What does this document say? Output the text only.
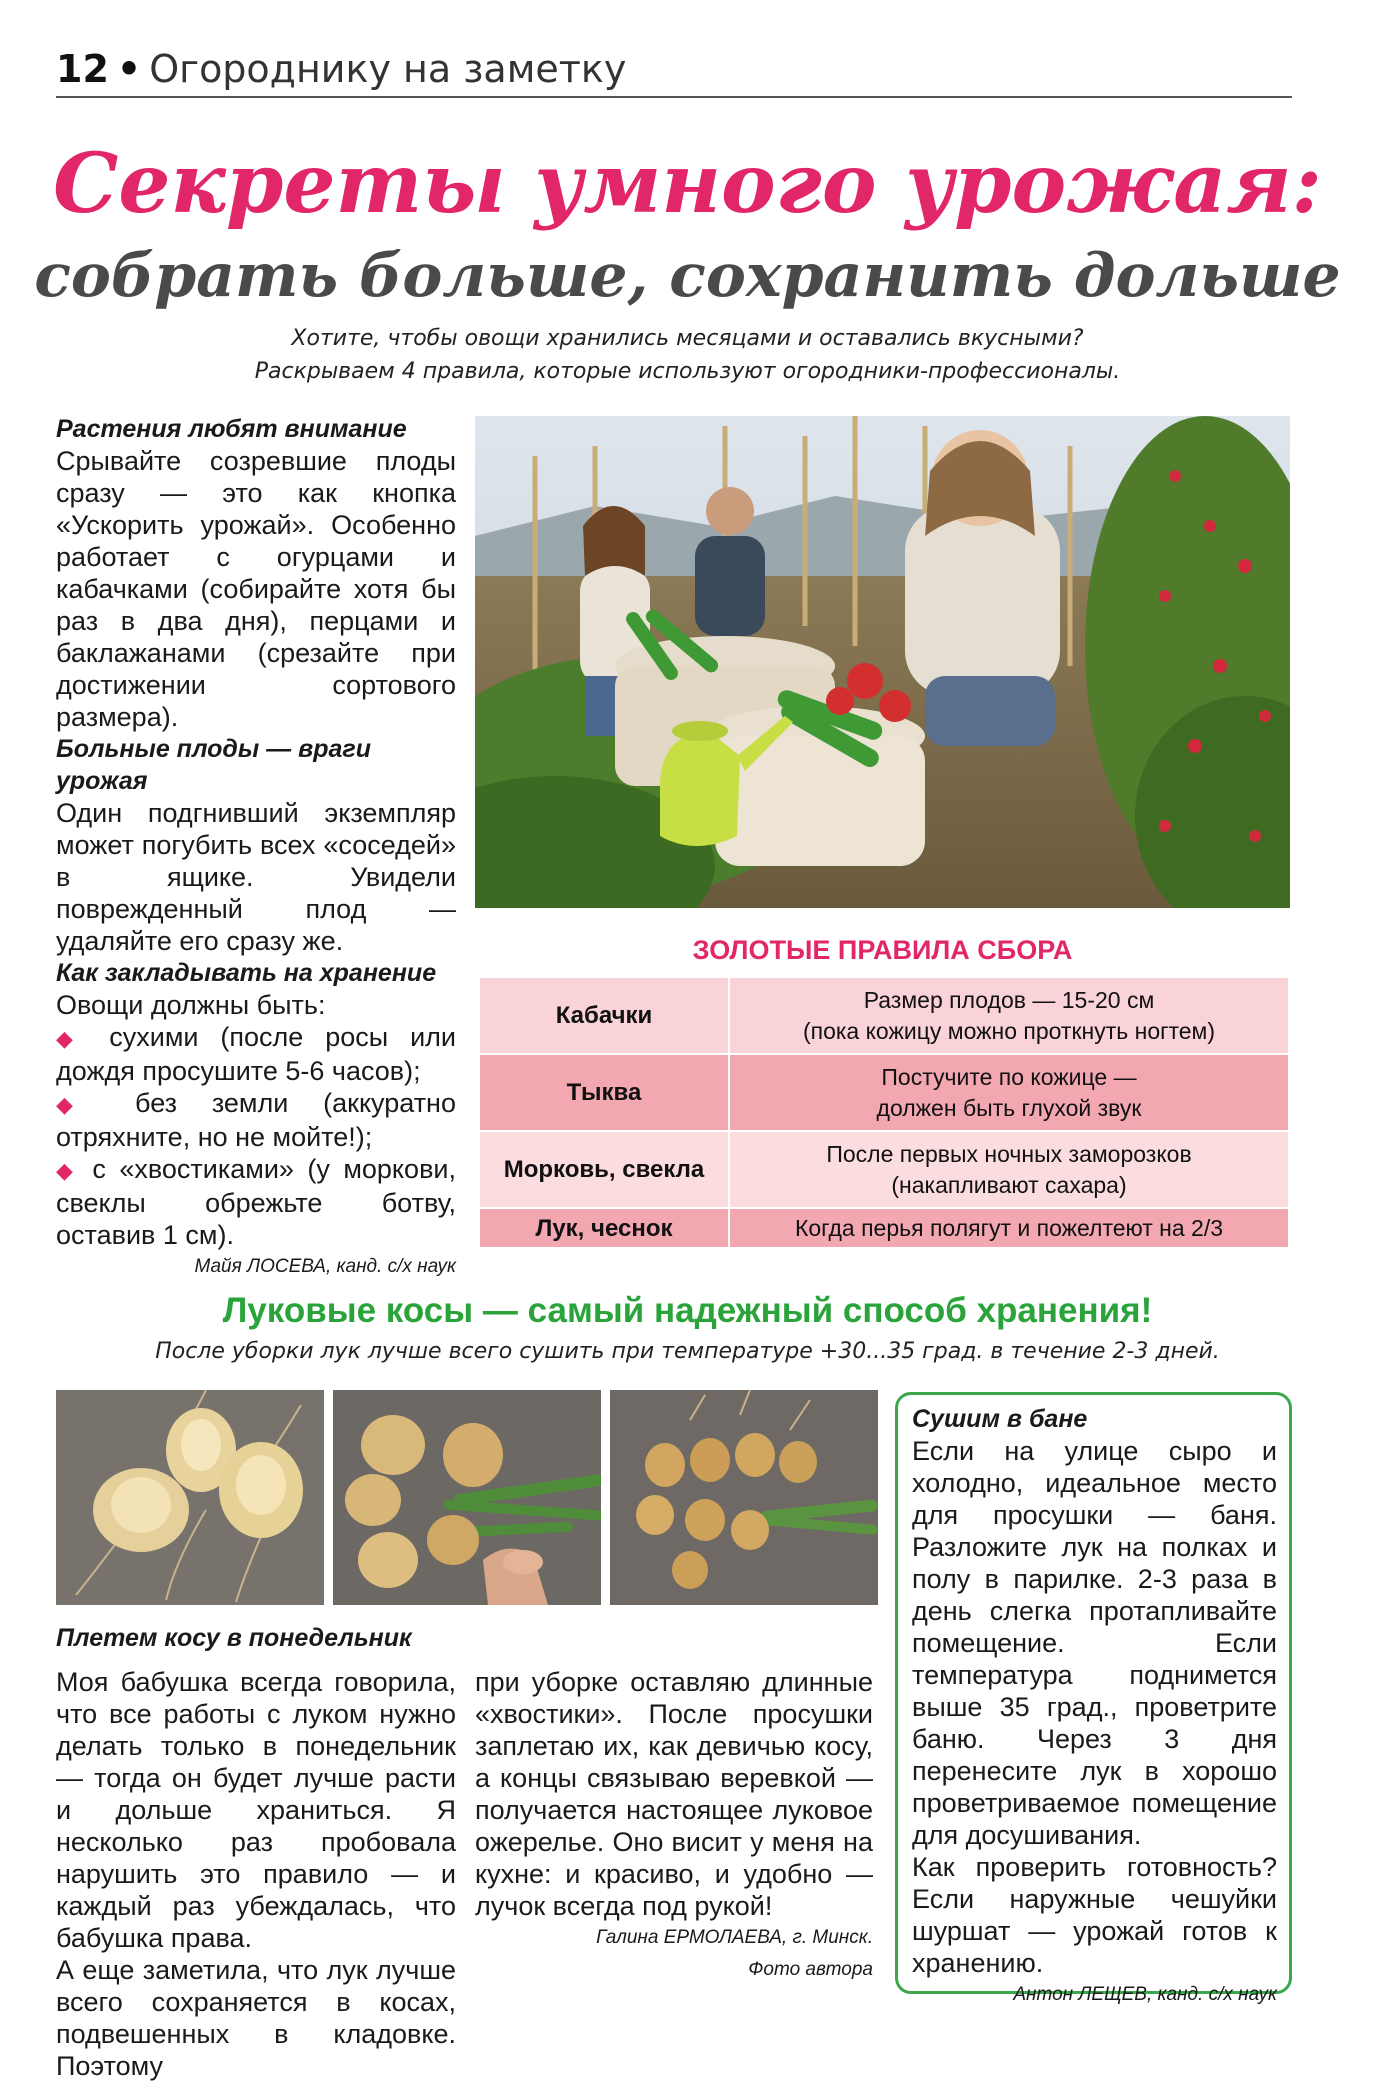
12 • Огороднику на заметку
Секреты умного урожая:
собрать больше, сохранить дольше
Хотите, чтобы овощи хранились месяцами и оставались вкусными?
Раскрываем 4 правила, которые используют огородники-профессионалы.
Растения любят внимание

Срывайте созревшие плоды сразу — это как кнопка «Ускорить урожай». Особенно работает с огурцами и кабачками (собирайте хотя бы раз в два дня), перцами и баклажанами (срезайте при достижении сортового размера).

Больные плоды — враги урожая

Один подгнивший экземпляр может погубить всех «соседей» в ящике. Увидели поврежденный плод — удаляйте его сразу же.

Как закладывать на хранение

Овощи должны быть:

◆ сухими (после росы или дождя просушите 5-6 часов);

◆ без земли (аккуратно отряхните, но не мойте!);

◆ с «хвостиками» (у моркови, свеклы обрежьте ботву, оставив 1 см).

Майя ЛОСЕВА, канд. с/х наук
ЗОЛОТЫЕ ПРАВИЛА СБОРА
Кабачки	Размер плодов — 15-20 см
(пока кожицу можно проткнуть ногтем)

Тыква	Постучите по кожице —
должен быть глухой звук

Морковь, свекла	После первых ночных заморозков
(накапливают сахара)

Лук, чеснок	Когда перья полягут и пожелтеют на 2/3
Луковые косы — самый надежный способ хранения!
После уборки лук лучше всего сушить при температуре +30...35 град. в течение 2-3 дней.
Плетем косу в понедельник

Моя бабушка всегда говорила, что все работы с луком нужно делать только в понедельник — тогда он будет лучше расти и дольше храниться. Я несколько раз пробовала нарушить это правило — и каждый раз убеждалась, что бабушка права.

А еще заметила, что лук лучше всего сохраняется в косах, подвешенных в кладовке. Поэтому

при уборке оставляю длинные «хвостики». После просушки заплетаю их, как девичью косу, а концы связываю веревкой — получается настоящее луковое ожерелье. Оно висит у меня на кухне: и красиво, и удобно — лучок всегда под рукой!

Галина ЕРМОЛАЕВА, г. Минск.
Фото автора
Сушим в бане

Если на улице сыро и холодно, идеальное место для просушки — баня. Разложите лук на полках и полу в парилке. 2-3 раза в день слегка протапливайте помещение. Если температура поднимется выше 35 град., проветрите баню. Через 3 дня перенесите лук в хорошо проветриваемое помещение для досушивания.

Как проверить готовность? Если наружные чешуйки шуршат — урожай готов к хранению.

Антон ЛЕЩЕВ, канд. с/х наук
